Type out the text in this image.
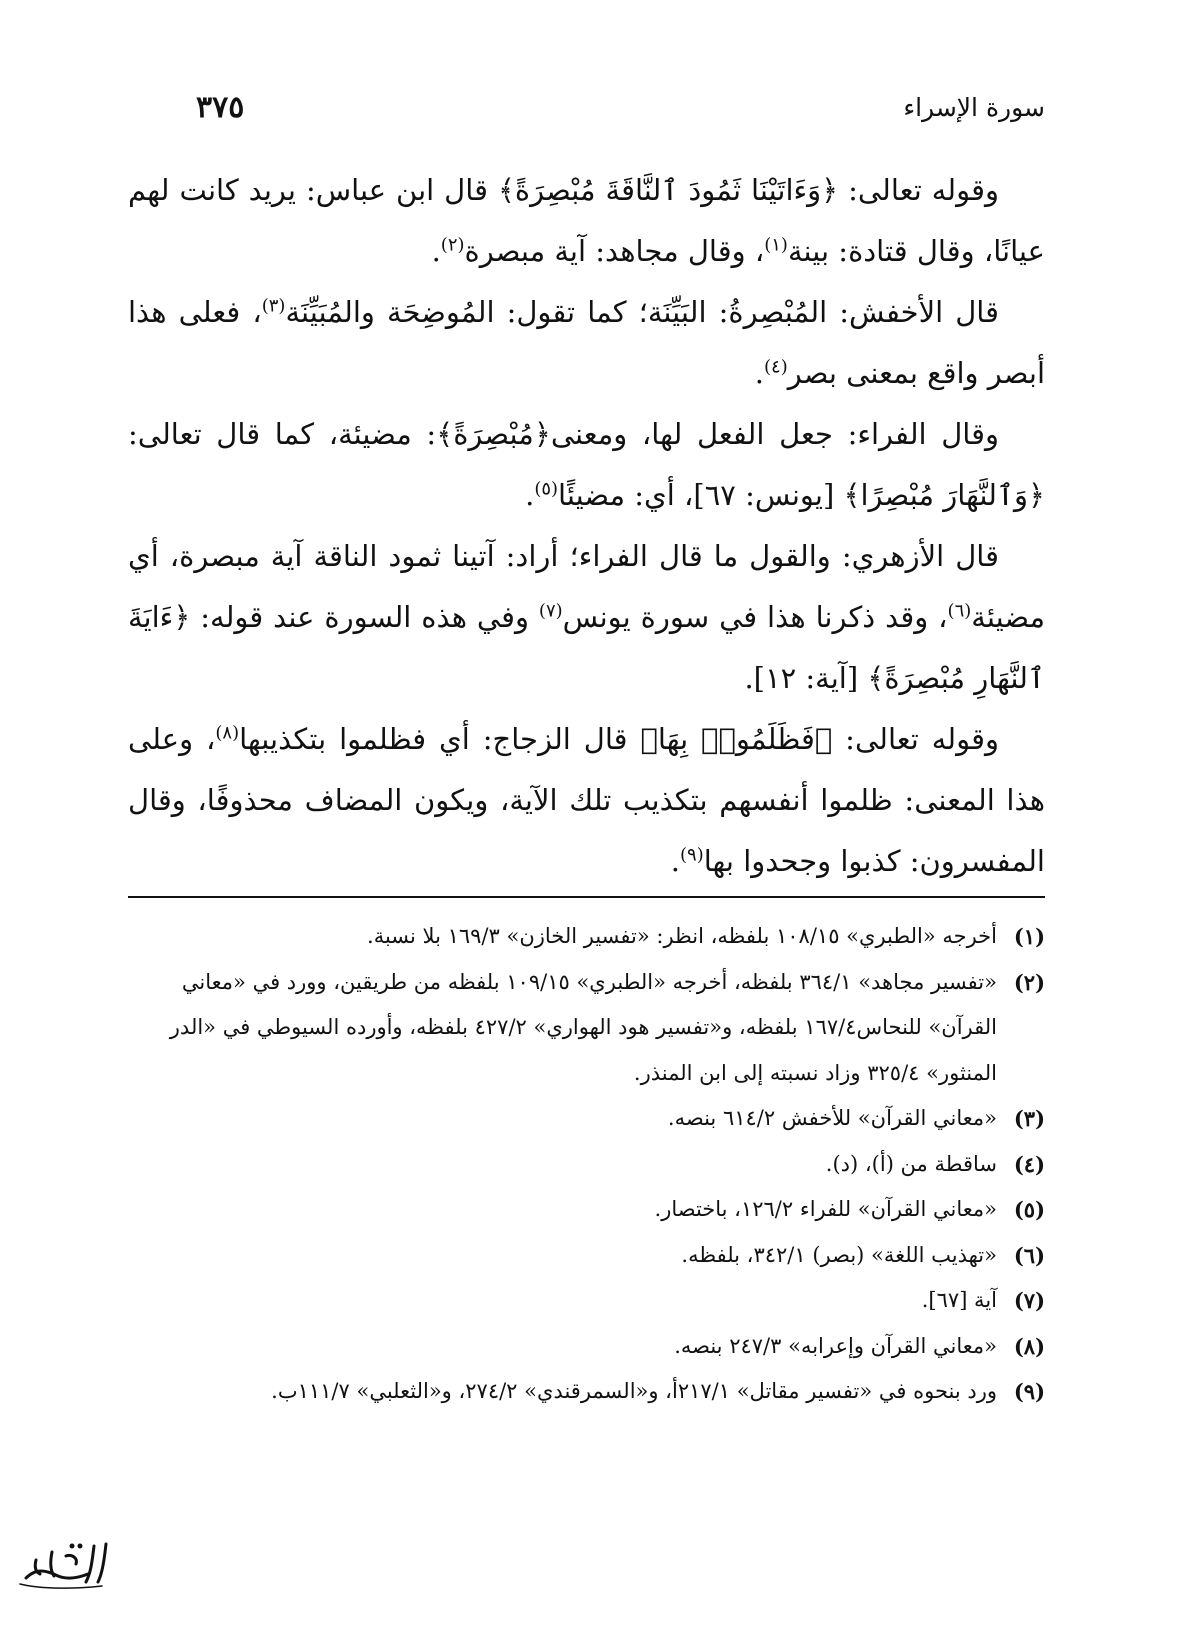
سورة الإسراء
٣٧٥

وقوله تعالى: ﴿وَءَاتَيْنَا ثَمُودَ ٱلنَّاقَةَ مُبْصِرَةً﴾ قال ابن عباس: يريد كانت لهم عيانًا، وقال قتادة: بينة$^{(١)}$، وقال مجاهد: آية مبصرة$^{(٢)}$.

قال الأخفش: المُبْصِرةُ: البَيِّنَة؛ كما تقول: المُوضِحَة والمُبَيِّنَة$^{(٣)}$، فعلى هذا أبصر واقع بمعنى بصر$^{(٤)}$.

وقال الفراء: جعل الفعل لها، ومعنى﴿مُبْصِرَةً﴾: مضيئة، كما قال تعالى: ﴿وَٱلنَّهَارَ مُبْصِرًا﴾ [يونس: ٦٧]، أي: مضيئًا$^{(٥)}$.

قال الأزهري: والقول ما قال الفراء؛ أراد: آتينا ثمود الناقة آية مبصرة، أي مضيئة$^{(٦)}$، وقد ذكرنا هذا في سورة يونس$^{(٧)}$ وفي هذه السورة عند قوله: ﴿ءَايَةَ ٱلنَّهَارِ مُبْصِرَةً﴾ [آية: ١٢].

وقوله تعالى: ﴿فَظَلَمُوا۟ بِهَا﴾ قال الزجاج: أي فظلموا بتكذيبها$^{(٨)}$، وعلى هذا المعنى: ظلموا أنفسهم بتكذيب تلك الآية، ويكون المضاف محذوفًا، وقال المفسرون: كذبوا وجحدوا بها$^{(٩)}$.

(١)
أخرجه «الطبري» ١٠٨/١٥ بلفظه، انظر: «تفسير الخازن» ١٦٩/٣ بلا نسبة.
(٢)
«تفسير مجاهد» ٣٦٤/١ بلفظه، أخرجه «الطبري» ١٠٩/١٥ بلفظه من طريقين، وورد في «معاني القرآن» للنحاس١٦٧/٤ بلفظه، و«تفسير هود الهواري» ٤٢٧/٢ بلفظه، وأورده السيوطي في «الدر المنثور» ٣٢٥/٤ وزاد نسبته إلى ابن المنذر.
(٣)
«معاني القرآن» للأخفش ٦١٤/٢ بنصه.
(٤)
ساقطة من (أ)، (د).
(٥)
«معاني القرآن» للفراء ١٢٦/٢، باختصار.
(٦)
«تهذيب اللغة» (بصر) ٣٤٢/١، بلفظه.
(٧)
آية [٦٧].
(٨)
«معاني القرآن وإعرابه» ٢٤٧/٣ بنصه.
(٩)
ورد بنحوه في «تفسير مقاتل» ٢١٧/١أ، و«السمرقندي» ٢٧٤/٢، و«الثعلبي» ١١١/٧ب.
